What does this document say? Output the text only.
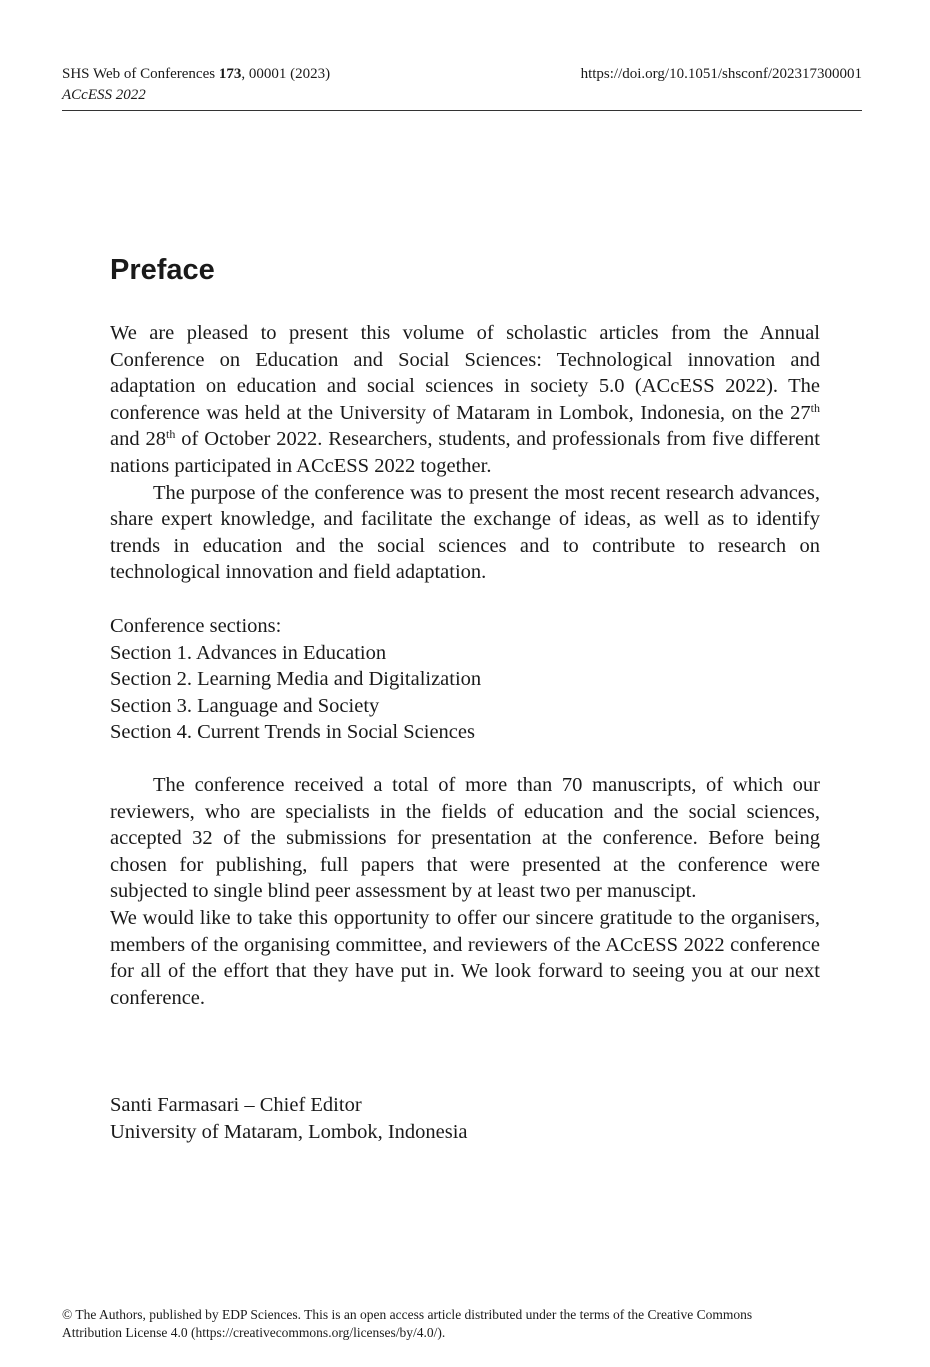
SHS Web of Conferences 173, 00001 (2023)
ACcESS 2022
https://doi.org/10.1051/shsconf/202317300001
Preface

We are pleased to present this volume of scholastic articles from the Annual Conference on Education and Social Sciences: Technological innovation and adaptation on education and social sciences in society 5.0 (ACcESS 2022). The conference was held at the University of Mataram in Lombok, Indonesia, on the 27th and 28th of October 2022. Researchers, students, and professionals from five different nations participated in ACcESS 2022 together.

The purpose of the conference was to present the most recent research advances, share expert knowledge, and facilitate the exchange of ideas, as well as to identify trends in education and the social sciences and to contribute to research on technological innovation and field adaptation.

Conference sections:
Section 1. Advances in Education
Section 2. Learning Media and Digitalization
Section 3. Language and Society
Section 4. Current Trends in Social Sciences

The conference received a total of more than 70 manuscripts, of which our reviewers, who are specialists in the fields of education and the social sciences, accepted 32 of the submissions for presentation at the conference. Before being chosen for publishing, full papers that were presented at the conference were subjected to single blind peer assessment by at least two per manuscipt.

We would like to take this opportunity to offer our sincere gratitude to the organisers, members of the organising committee, and reviewers of the ACcESS 2022 conference for all of the effort that they have put in. We look forward to seeing you at our next conference.

Santi Farmasari – Chief Editor
University of Mataram, Lombok, Indonesia
© The Authors, published by EDP Sciences. This is an open access article distributed under the terms of the Creative Commons
Attribution License 4.0 (https://creativecommons.org/licenses/by/4.0/).
